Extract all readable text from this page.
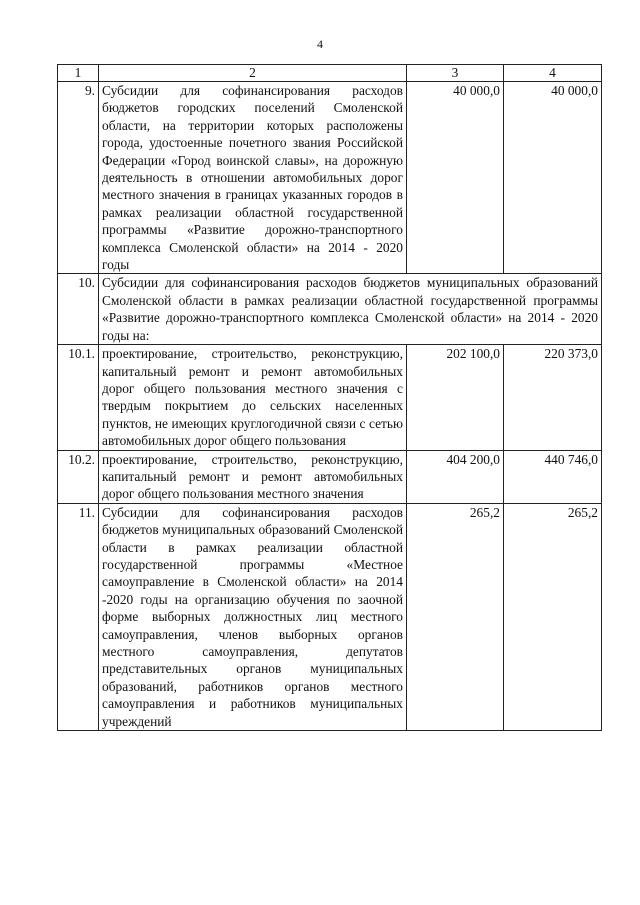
4
1	2	3	4
9.	Субсидии для софинансирования расходов бюджетов городских поселений Смоленской области, на территории которых расположены города, удостоенные почетного звания Российской Федерации «Город воинской славы», на дорожную деятельность в отношении автомобильных дорог местного значения в границах указанных городов в рамках реализации областной государственной программы «Развитие дорожно-транспортного комплекса Смоленской области» на 2014 - 2020 годы	40 000,0	40 000,0
10.	Субсидии для софинансирования расходов бюджетов муниципальных образований Смоленской области в рамках реализации областной государственной программы «Развитие дорожно-транспортного комплекса Смоленской области» на 2014 - 2020 годы на:		
10.1.	проектирование, строительство, реконструкцию, капитальный ремонт и ремонт автомобильных дорог общего пользования местного значения с твердым покрытием до сельских населенных пунктов, не имеющих круглогодичной связи с сетью автомобильных дорог общего пользования	202 100,0	220 373,0
10.2.	проектирование, строительство, реконструкцию, капитальный ремонт и ремонт автомобильных дорог общего пользования местного значения	404 200,0	440 746,0
11.	Субсидии для софинансирования расходов бюджетов муниципальных образований Смоленской области в рамках реализации областной государственной программы «Местное самоуправление в Смоленской области» на 2014 -2020 годы на организацию обучения по заочной форме выборных должностных лиц местного самоуправления, членов выборных органов местного самоуправления, депутатов представительных органов муниципальных образований, работников органов местного самоуправления и работников муниципальных учреждений	265,2	265,2
